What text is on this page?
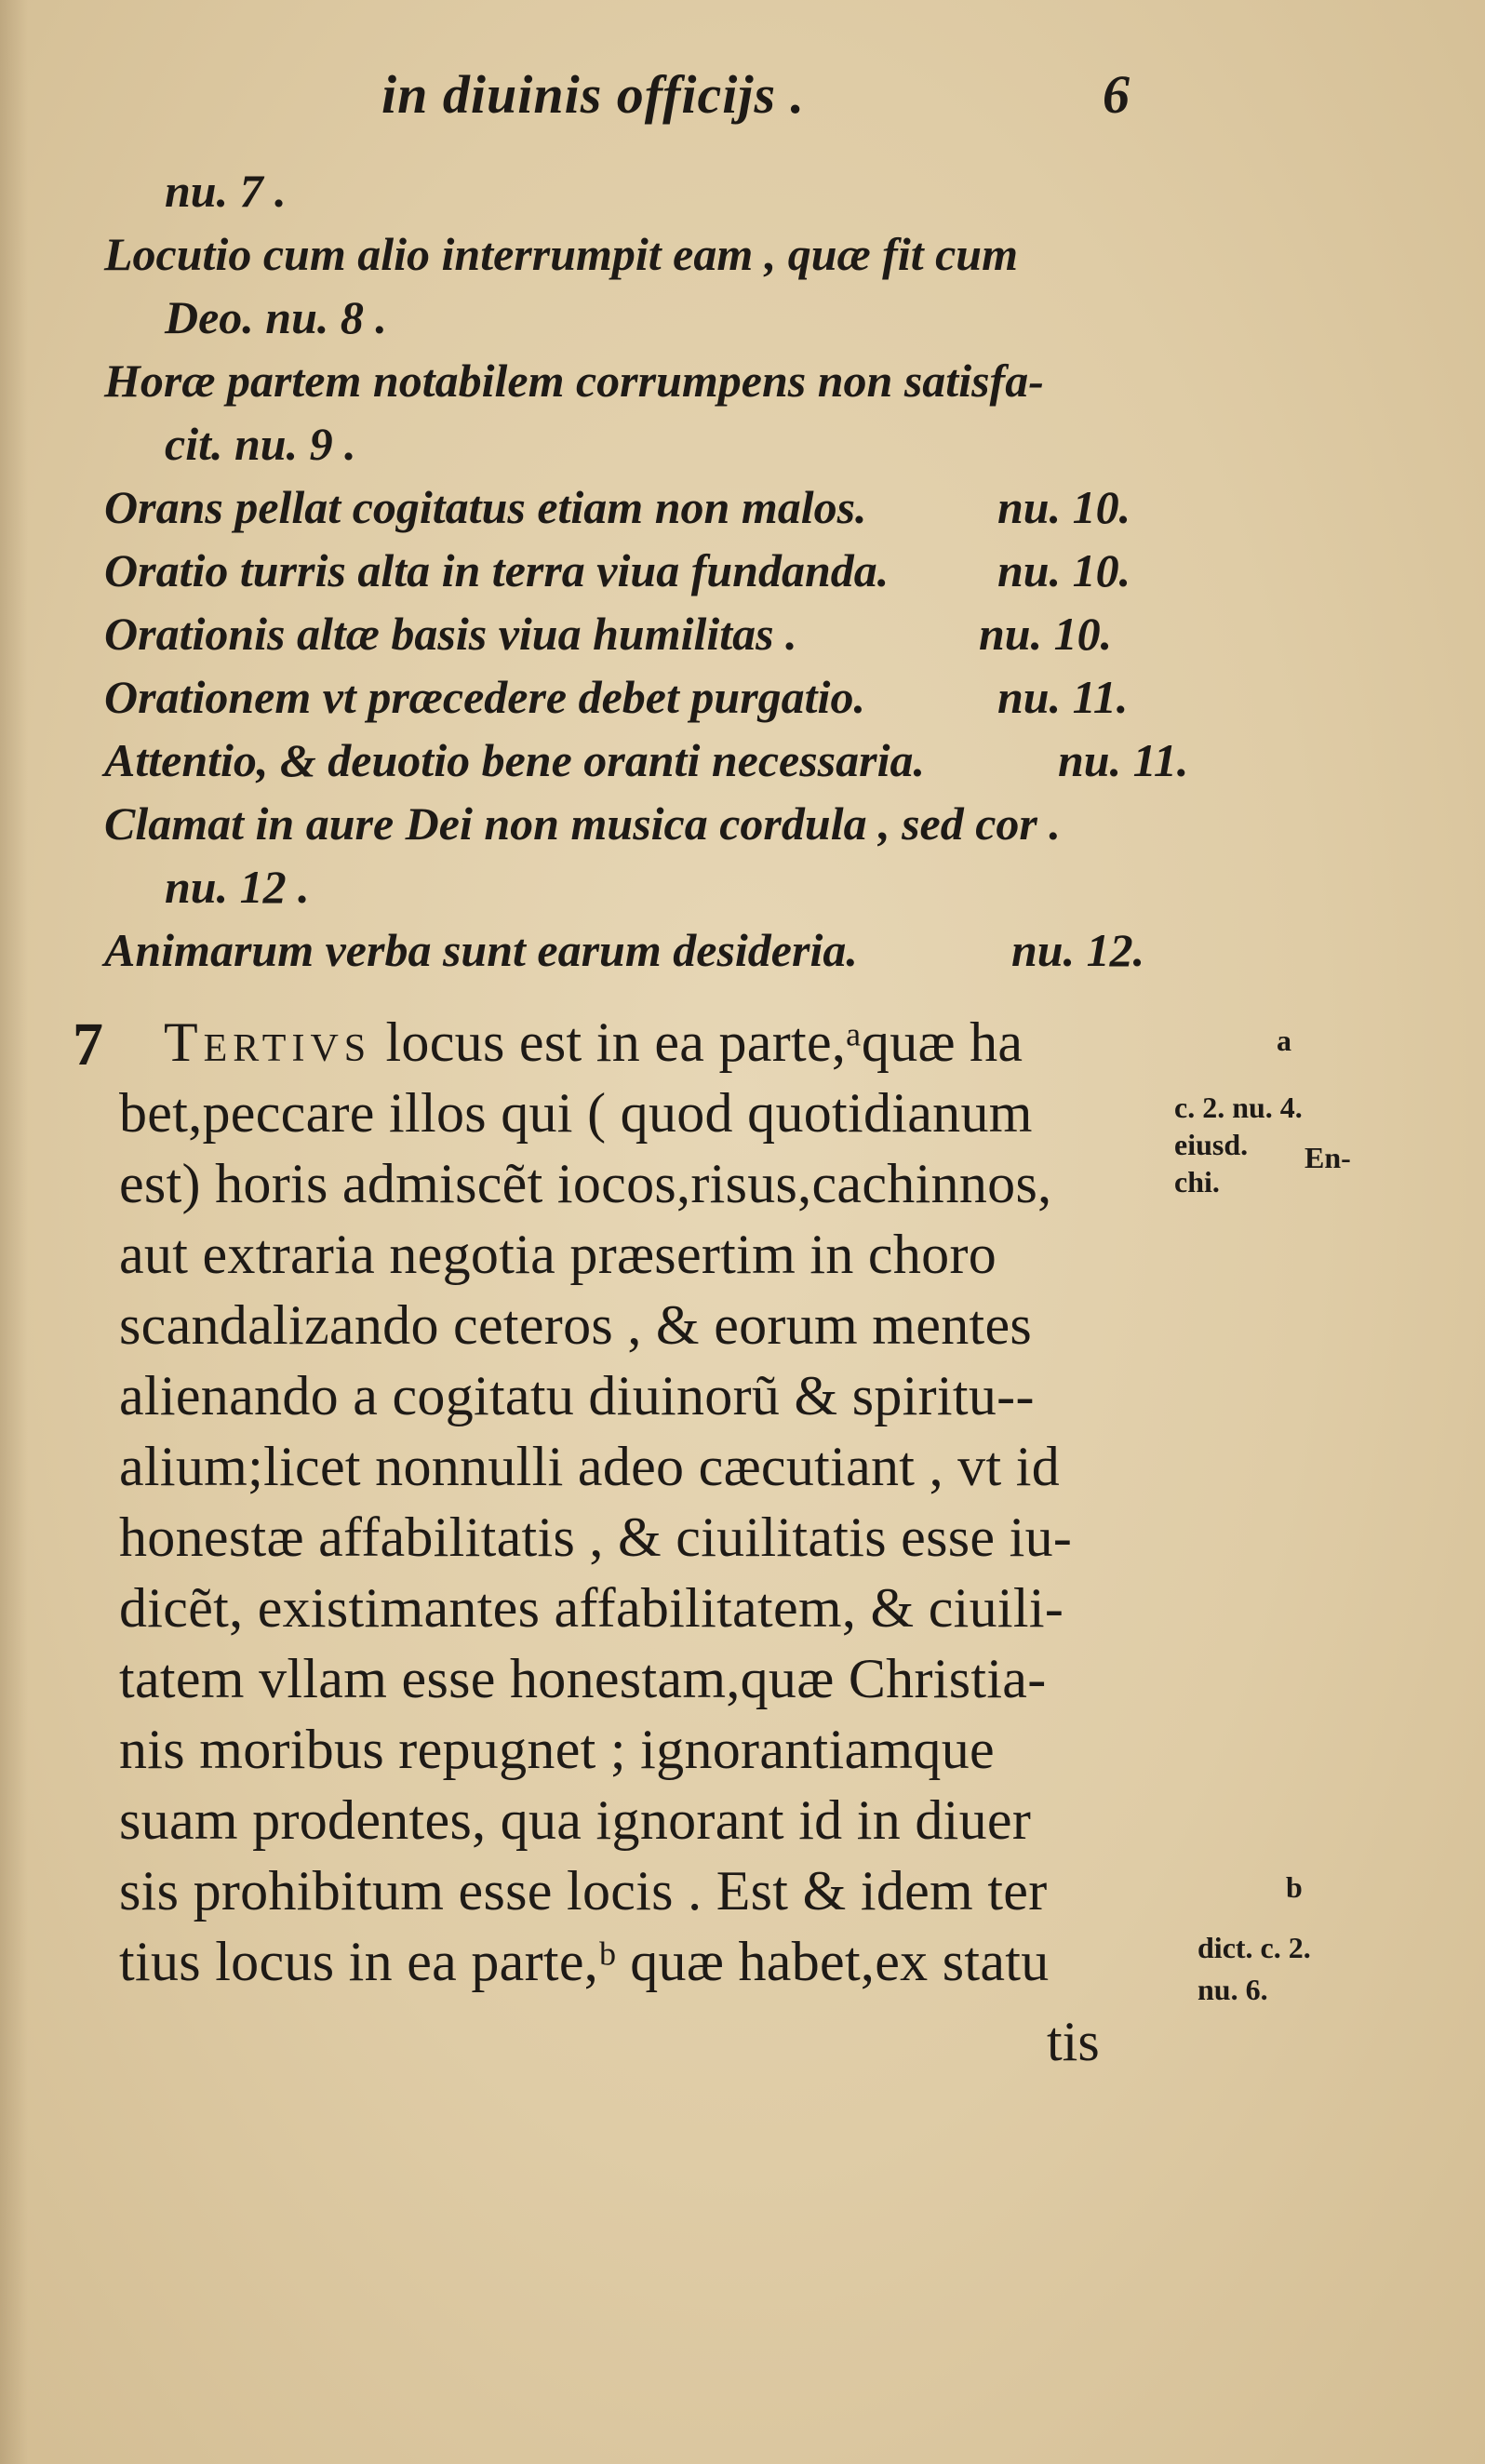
in diuinis officijs .	6
nu. 7 .
Locutio cum alio interrumpit eam , quæ fit cum
Deo. nu. 8 .
Horæ partem notabilem corrumpens non satisfa-
cit. nu. 9 .
Orans pellat cogitatus etiam non malos.	nu. 10.
Oratio turris alta in terra viua fundanda. nu. 10.
Orationis altæ basis viua humilitas .	nu. 10.
Orationem vt præcedere debet purgatio.	nu. 11.
Attentio, & deuotio bene oranti necessaria.	nu. 11.
Clamat in aure Dei non musica cordula , sed cor .
nu. 12 .
Animarum verba sunt earum desideria.	nu. 12.
7 Tertivs locus est in ea parte,ᵃquæ ha
bet,peccare illos qui ( quod quotidianum
est) horis admiscẽt iocos,risus,cachinnos,
aut extraria negotia præsertim in choro
scandalizando ceteros , & eorum mentes
alienando a cogitatu diuinorũ & spiritu--
alium;licet nonnulli adeo cæcutiant , vt id
honestæ affabilitatis , & ciuilitatis esse iu-
dicẽt, existimantes affabilitatem, & ciuili-
tatem vllam esse honestam,quæ Christia-
nis moribus repugnet ; ignorantiamque
suam prodentes, qua ignorant id in diuer
sis prohibitum esse locis . Est & idem ter
tius locus in ea parte,ᵇ quæ habet,ex statu
tis
a
c. 2. nu. 4.
eiusd. En-
chi.
b
dict. c. 2.
nu. 6.
